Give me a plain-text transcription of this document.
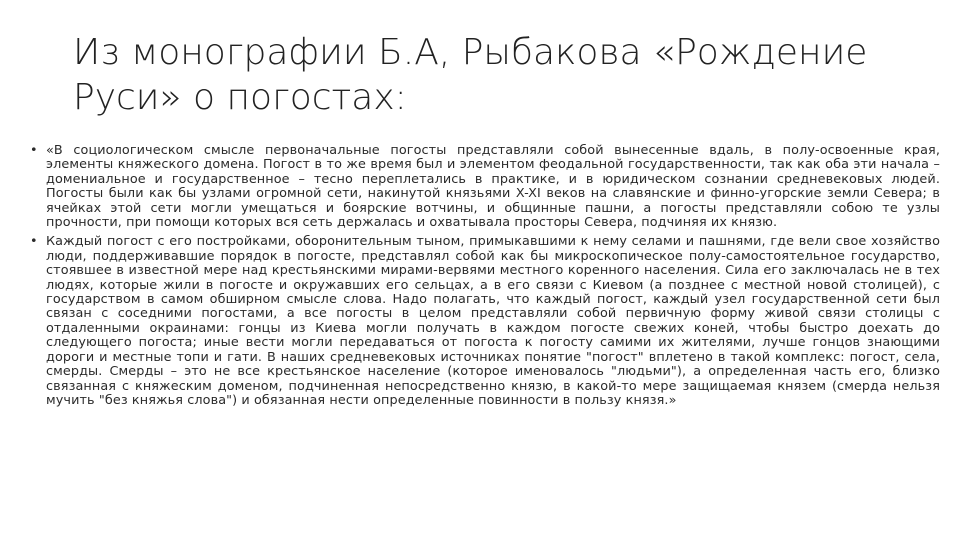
Из монографии Б.А, Рыбакова «Рождение Руси» о погостах:
• «В социологическом смысле первоначальные погосты представляли собой вынесенные вдаль, в полу-освоенные края, элементы княжеского домена. Погост в то же время был и элементом феодальной государственности, так как оба эти начала – домениальное и государственное – тесно переплетались в практике, и в юридическом сознании средневековых людей. Погосты были как бы узлами огромной сети, накинутой князьями X-XI веков на славянские и финно-угорские земли Севера; в ячейках этой сети могли умещаться и боярские вотчины, и общинные пашни, а погосты представляли собою те узлы прочности, при помощи которых вся сеть держалась и охватывала просторы Севера, подчиняя их князю.
• Каждый погост с его постройками, оборонительным тыном, примыкавшими к нему селами и пашнями, где вели свое хозяйство люди, поддерживавшие порядок в погосте, представлял собой как бы микроскопическое полу-самостоятельное государство, стоявшее в известной мере над крестьянскими мирами-вервями местного коренного населения. Сила его заключалась не в тех людях, которые жили в погосте и окружавших его сельцах, а в его связи с Киевом (а позднее с местной новой столицей), с государством в самом обширном смысле слова. Надо полагать, что каждый погост, каждый узел государственной сети был связан с соседними погостами, а все погосты в целом представляли собой первичную форму живой связи столицы с отдаленными окраинами: гонцы из Киева могли получать в каждом погосте свежих коней, чтобы быстро доехать до следующего погоста; иные вести могли передаваться от погоста к погосту самими их жителями, лучше гонцов знающими дороги и местные топи и гати. В наших средневековых источниках понятие "погост" вплетено в такой комплекс: погост, села, смерды. Смерды – это не все крестьянское население (которое именовалось "людьми"), а определенная часть его, близко связанная с княжеским доменом, подчиненная непосредственно князю, в какой-то мере защищаемая князем (смерда нельзя мучить "без княжья слова") и обязанная нести определенные повинности в пользу князя.»
